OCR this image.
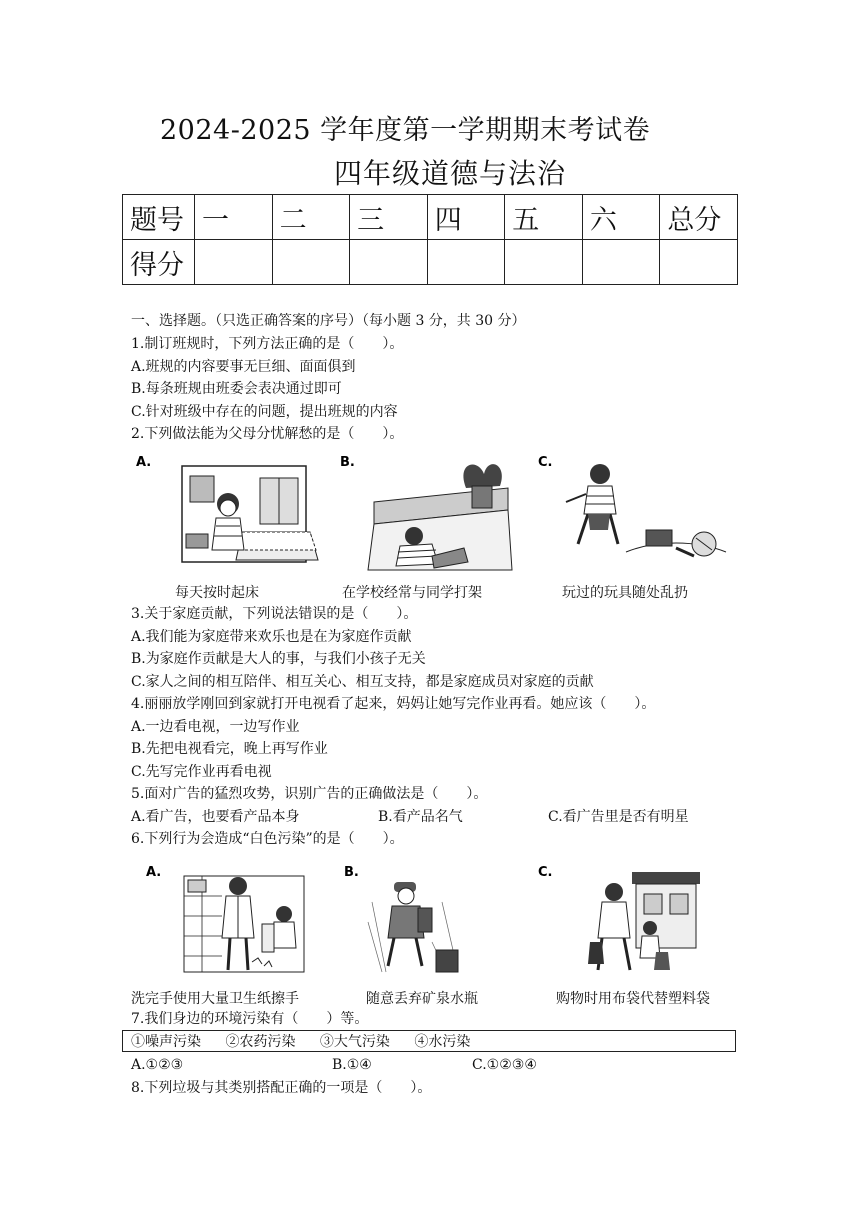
2024-2025 学年度第一学期期末考试卷
四年级道德与法治
题号	一	二	三	四	五	六	总分
得分							
一、选择题。（只选正确答案的序号）（每小题 3 分，共 30 分）
1.制订班规时，下列方法正确的是（　　）。
A.班规的内容要事无巨细、面面俱到
B.每条班规由班委会表决通过即可
C.针对班级中存在的问题，提出班规的内容
2.下列做法能为父母分忧解愁的是（　　）。
A.	B.	C.
每天按时起床	在学校经常与同学打架	玩过的玩具随处乱扔
3.关于家庭贡献，下列说法错误的是（　　）。
A.我们能为家庭带来欢乐也是在为家庭作贡献
B.为家庭作贡献是大人的事，与我们小孩子无关
C.家人之间的相互陪伴、相互关心、相互支持，都是家庭成员对家庭的贡献
4.丽丽放学刚回到家就打开电视看了起来，妈妈让她写完作业再看。她应该（　　）。
A.一边看电视，一边写作业
B.先把电视看完，晚上再写作业
C.先写完作业再看电视
5.面对广告的猛烈攻势，识别广告的正确做法是（　　）。
A.看广告，也要看产品本身	B.看产品名气	C.看广告里是否有明星
6.下列行为会造成“白色污染”的是（　　）。
A.	B.	C.
洗完手使用大量卫生纸擦手	随意丢弃矿泉水瓶	购物时用布袋代替塑料袋
7.我们身边的环境污染有（　　）等。
①噪声污染 ②农药污染 ③大气污染 ④水污染
A.①②③	B.①④	C.①②③④
8.下列垃圾与其类别搭配正确的一项是（　　）。
